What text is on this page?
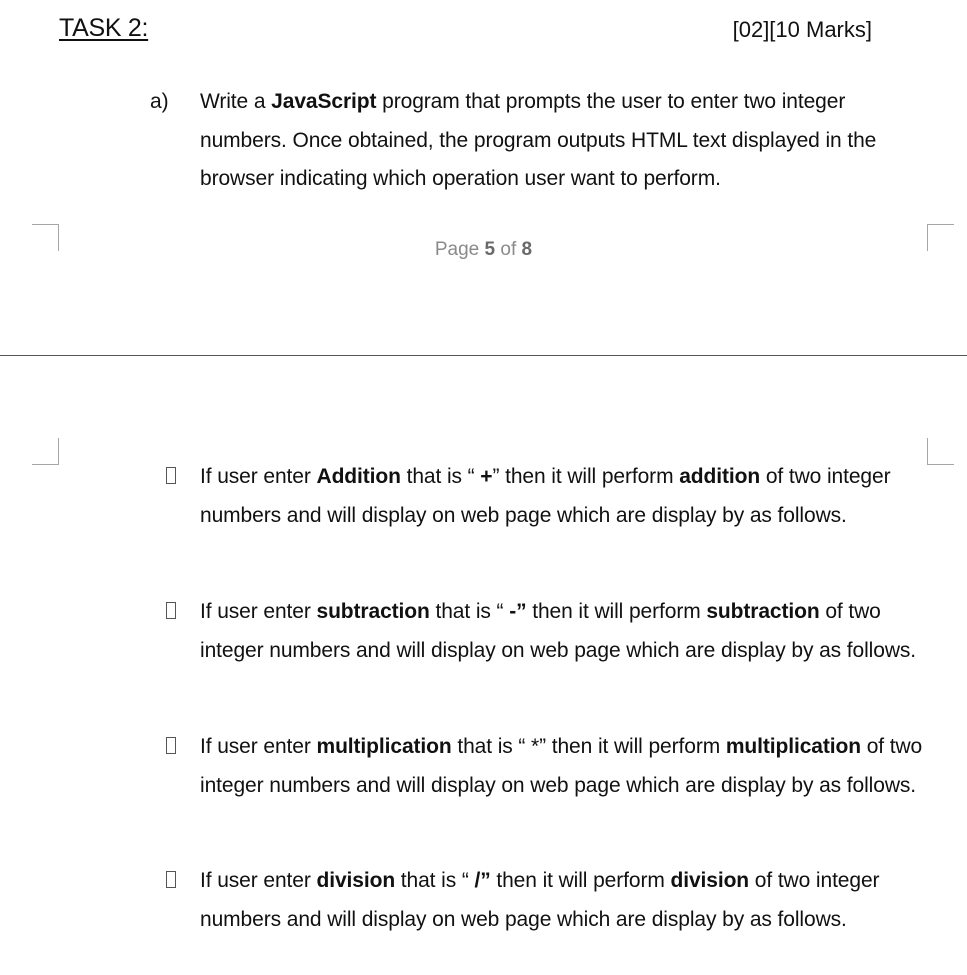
TASK 2:	[02][10 Marks]
a) Write a JavaScript program that prompts the user to enter two integer numbers. Once obtained, the program outputs HTML text displayed in the browser indicating which operation user want to perform.
Page 5 of 8
If user enter Addition that is “ +” then it will perform addition of two integer numbers and will display on web page which are display by as follows.
If user enter subtraction that is “ -” then it will perform subtraction of two integer numbers and will display on web page which are display by as follows.
If user enter multiplication that is “ *” then it will perform multiplication of two integer numbers and will display on web page which are display by as follows.
If user enter division that is “ /” then it will perform division of two integer numbers and will display on web page which are display by as follows.
